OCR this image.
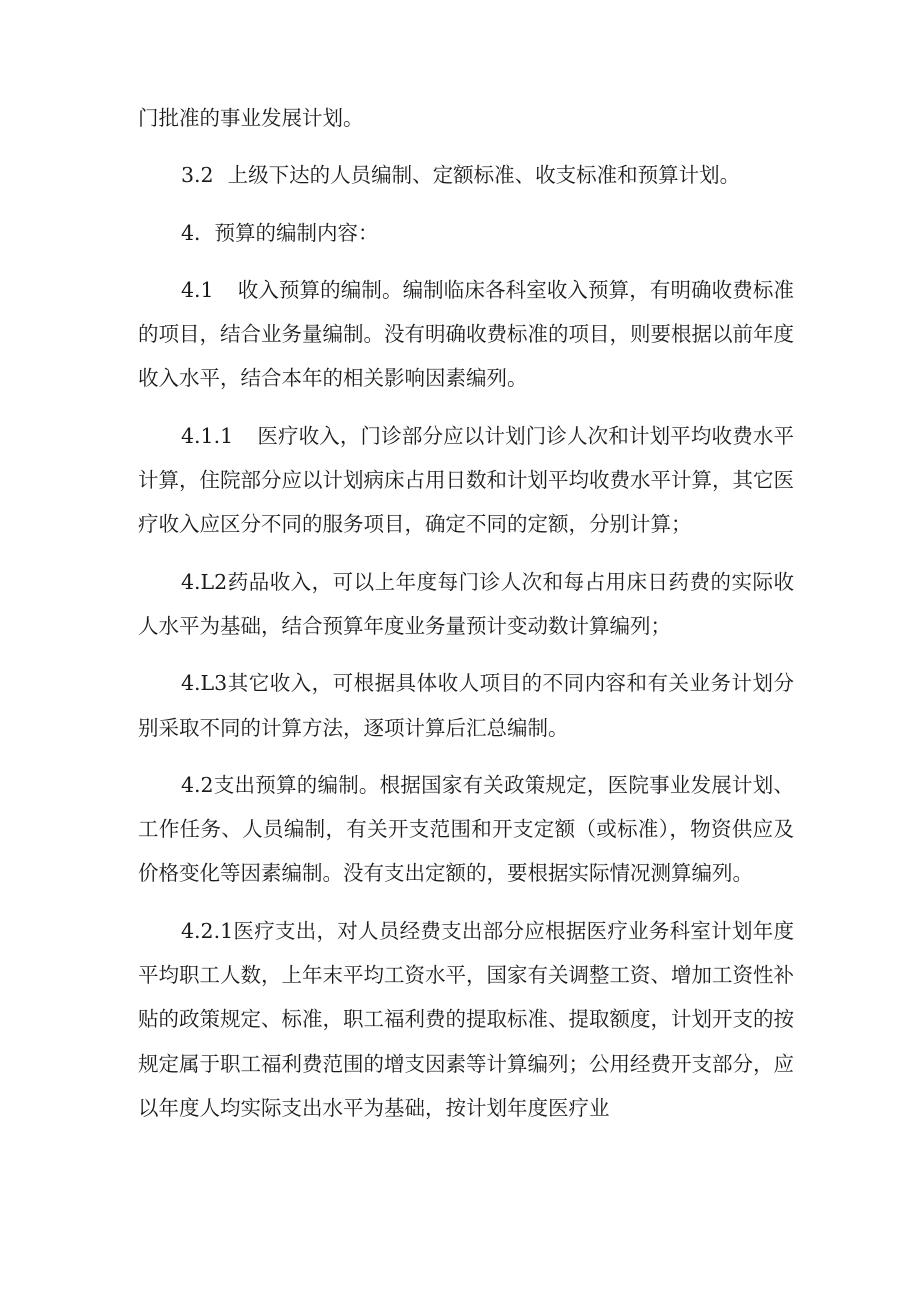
门批准的事业发展计划。

3.2 上级下达的人员编制、定额标准、收支标准和预算计划。

4．预算的编制内容：

4.1 收入预算的编制。编制临床各科室收入预算，有明确收费标准的项目，结合业务量编制。没有明确收费标准的项目，则要根据以前年度收入水平，结合本年的相关影响因素编列。

4.1.1 医疗收入，门诊部分应以计划门诊人次和计划平均收费水平计算，住院部分应以计划病床占用日数和计划平均收费水平计算，其它医疗收入应区分不同的服务项目，确定不同的定额，分别计算；

4.L2药品收入，可以上年度每门诊人次和每占用床日药费的实际收人水平为基础，结合预算年度业务量预计变动数计算编列；

4.L3其它收入，可根据具体收人项目的不同内容和有关业务计划分别采取不同的计算方法，逐项计算后汇总编制。

4.2支出预算的编制。根据国家有关政策规定，医院事业发展计划、工作任务、人员编制，有关开支范围和开支定额（或标准），物资供应及价格变化等因素编制。没有支出定额的，要根据实际情况测算编列。

4.2.1医疗支出，对人员经费支出部分应根据医疗业务科室计划年度平均职工人数，上年末平均工资水平，国家有关调整工资、增加工资性补贴的政策规定、标准，职工福利费的提取标准、提取额度，计划开支的按规定属于职工福利费范围的增支因素等计算编列；公用经费开支部分，应以年度人均实际支出水平为基础，按计划年度医疗业
